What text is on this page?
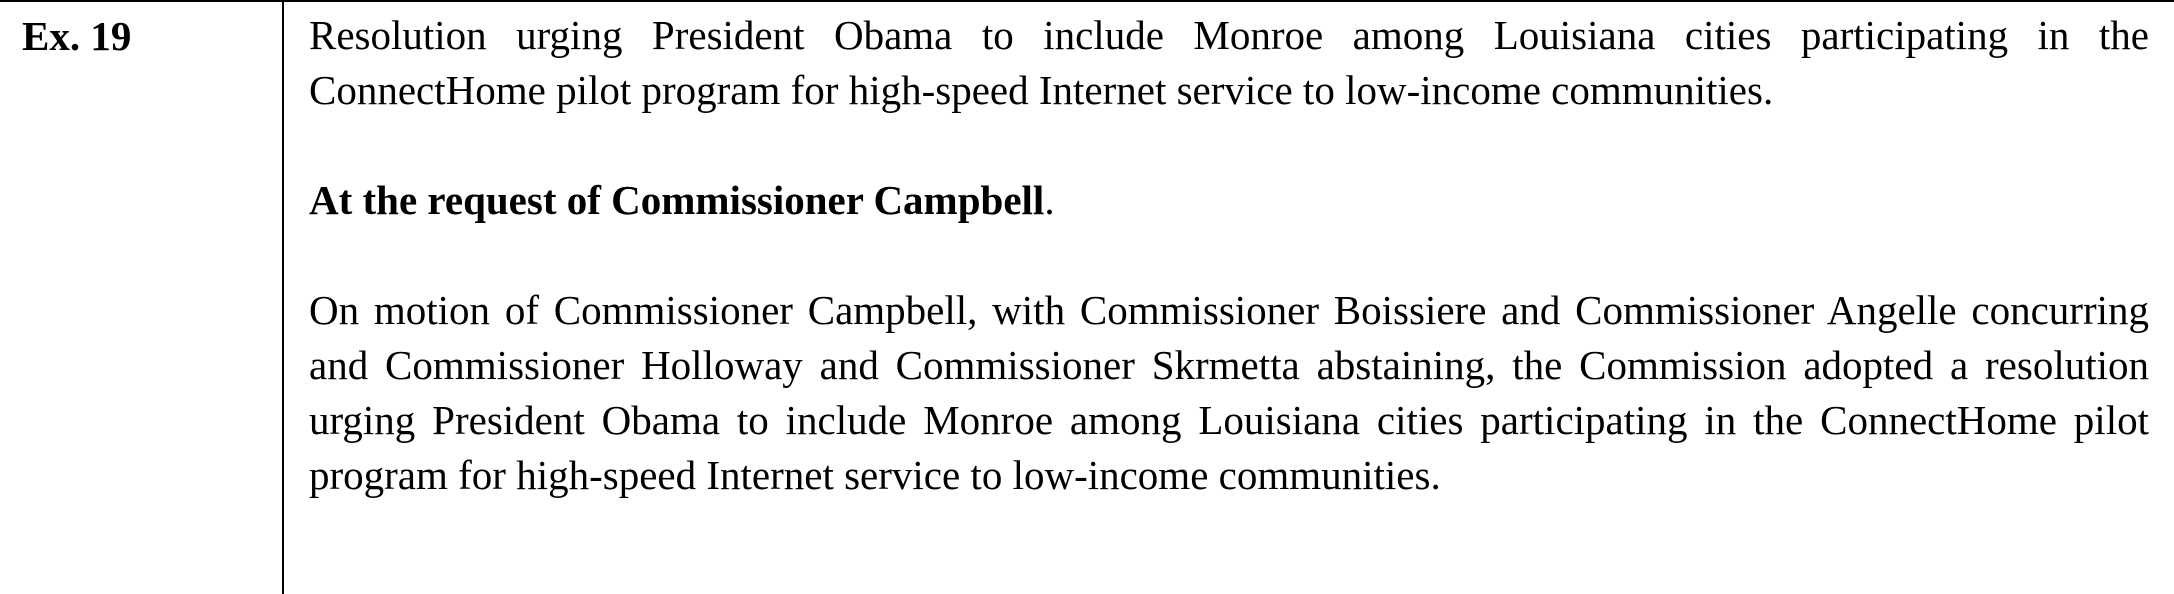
Ex. 19	Resolution urging President Obama to include Monroe among Louisiana cities participating in the ConnectHome pilot program for high-speed Internet service to low-income communities.

At the request of Commissioner Campbell.

On motion of Commissioner Campbell, with Commissioner Boissiere and Commissioner Angelle concurring and Commissioner Holloway and Commissioner Skrmetta abstaining, the Commission adopted a resolution urging President Obama to include Monroe among Louisiana cities participating in the ConnectHome pilot program for high-speed Internet service to low-income communities.
